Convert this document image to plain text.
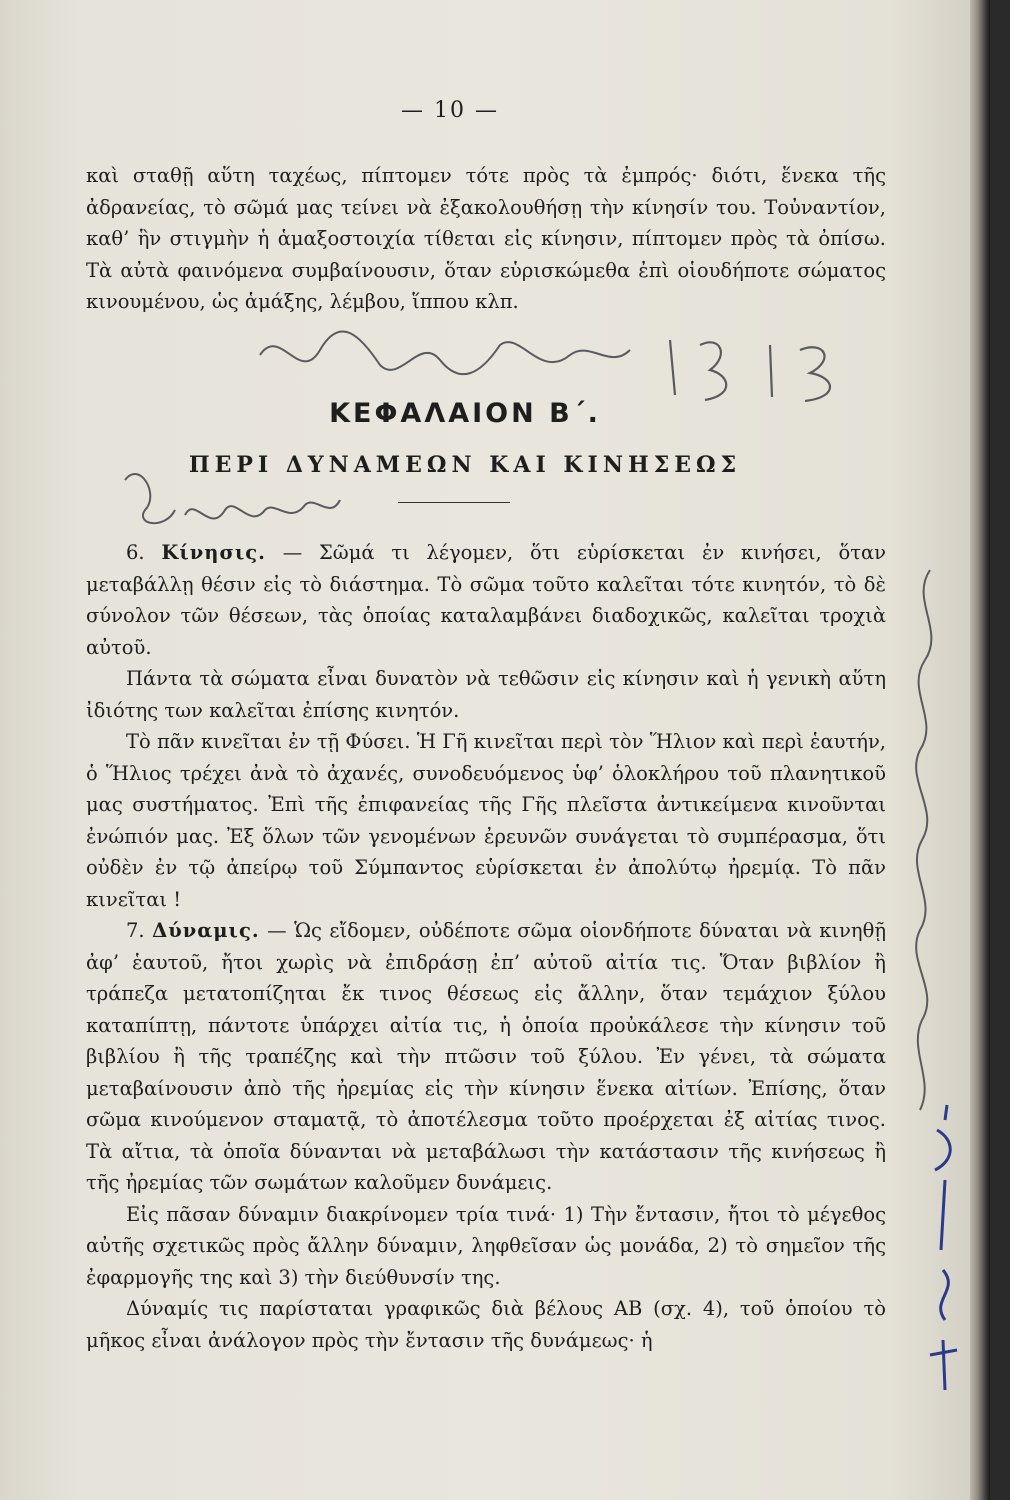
— 10 —

καὶ σταθῇ αὕτη ταχέως, πίπτομεν τότε πρὸς τὰ ἐμπρός· διότι, ἕνεκα τῆς ἀδρανείας, τὸ σῶμά μας τείνει νὰ ἐξακολουθήσῃ τὴν κίνησίν του. Τοὐναντίον, καθ’ ἣν στιγμὴν ἡ ἁμαξοστοιχία τίθεται εἰς κίνησιν, πίπτομεν πρὸς τὰ ὀπίσω. Τὰ αὐτὰ φαινόμενα συμβαίνουσιν, ὅταν εὑρισκώμεθα ἐπὶ οἱουδήποτε σώματος κινουμένου, ὡς ἁμάξης, λέμβου, ἵππου κλπ.

ΚΕΦΑΛΑΙΟΝ Β΄.
ΠΕΡΙ ΔΥΝΑΜΕΩΝ ΚΑΙ ΚΙΝΗΣΕΩΣ

6. Κίνησις. — Σῶμά τι λέγομεν, ὅτι εὑρίσκεται ἐν κινήσει, ὅταν μεταβάλλῃ θέσιν εἰς τὸ διάστημα. Τὸ σῶμα τοῦτο καλεῖται τότε κινητόν, τὸ δὲ σύνολον τῶν θέσεων, τὰς ὁποίας καταλαμβάνει διαδοχικῶς, καλεῖται τροχιὰ αὐτοῦ.

Πάντα τὰ σώματα εἶναι δυνατὸν νὰ τεθῶσιν εἰς κίνησιν καὶ ἡ γενικὴ αὕτη ἰδιότης των καλεῖται ἐπίσης κινητόν.

Τὸ πᾶν κινεῖται ἐν τῇ Φύσει. Ἡ Γῆ κινεῖται περὶ τὸν Ἥλιον καὶ περὶ ἑαυτήν, ὁ Ἥλιος τρέχει ἀνὰ τὸ ἀχανές, συνοδευόμενος ὑφ’ ὁλοκλήρου τοῦ πλανητικοῦ μας συστήματος. Ἐπὶ τῆς ἐπιφανείας τῆς Γῆς πλεῖστα ἀντικείμενα κινοῦνται ἐνώπιόν μας. Ἐξ ὅλων τῶν γενομένων ἐρευνῶν συνάγεται τὸ συμπέρασμα, ὅτι οὐδὲν ἐν τῷ ἀπείρῳ τοῦ Σύμπαντος εὑρίσκεται ἐν ἀπολύτῳ ἠρεμίᾳ. Τὸ πᾶν κινεῖται !

7. Δύναμις. — Ὡς εἴδομεν, οὐδέποτε σῶμα οἱονδήποτε δύναται νὰ κινηθῇ ἀφ’ ἑαυτοῦ, ἤτοι χωρὶς νὰ ἐπιδράσῃ ἐπ’ αὐτοῦ αἰτία τις. Ὅταν βιβλίον ἢ τράπεζα μετατοπίζηται ἔκ τινος θέσεως εἰς ἄλλην, ὅταν τεμάχιον ξύλου καταπίπτῃ, πάντοτε ὑπάρχει αἰτία τις, ἡ ὁποία προὐκάλεσε τὴν κίνησιν τοῦ βιβλίου ἢ τῆς τραπέζης καὶ τὴν πτῶσιν τοῦ ξύλου. Ἐν γένει, τὰ σώματα μεταβαίνουσιν ἀπὸ τῆς ἠρεμίας εἰς τὴν κίνησιν ἕνεκα αἰτίων. Ἐπίσης, ὅταν σῶμα κινούμενον σταματᾷ, τὸ ἀποτέλεσμα τοῦτο προέρχεται ἐξ αἰτίας τινος. Τὰ αἴτια, τὰ ὁποῖα δύνανται νὰ μεταβάλωσι τὴν κατάστασιν τῆς κινήσεως ἢ τῆς ἠρεμίας τῶν σωμάτων καλοῦμεν δυνάμεις.

Εἰς πᾶσαν δύναμιν διακρίνομεν τρία τινά· 1) Τὴν ἔντασιν, ἤτοι τὸ μέγεθος αὐτῆς σχετικῶς πρὸς ἄλλην δύναμιν, ληφθεῖσαν ὡς μονάδα, 2) τὸ σημεῖον τῆς ἐφαρμογῆς της καὶ 3) τὴν διεύθυνσίν της.

Δύναμίς τις παρίσταται γραφικῶς διὰ βέλους ΑΒ (σχ. 4), τοῦ ὁποίου τὸ μῆκος εἶναι ἀνάλογον πρὸς τὴν ἔντασιν τῆς δυνάμεως· ἡ
